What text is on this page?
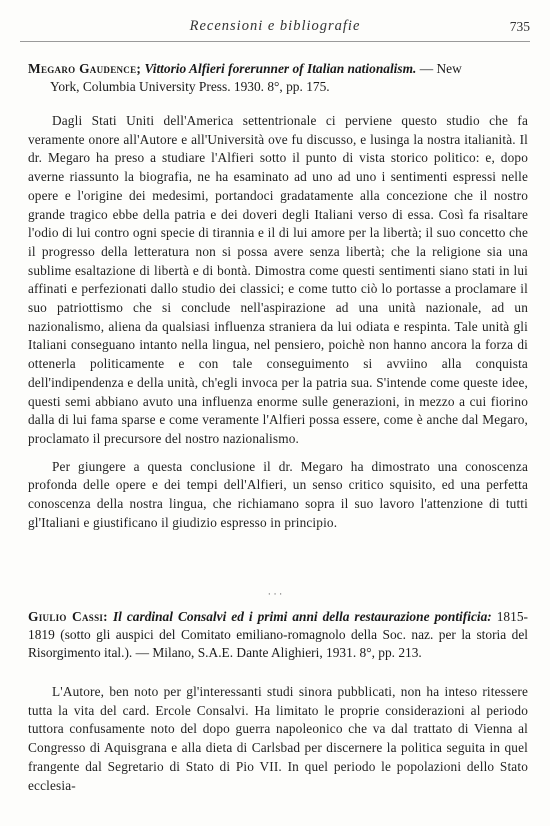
Recensioni e bibliografie	735
Megaro Gaudence; Vittorio Alfieri forerunner of Italian nationalism. — New
York, Columbia University Press. 1930. 8°, pp. 175.

Dagli Stati Uniti dell'America settentrionale ci perviene questo studio che fa veramente onore all'Autore e all'Università ove fu discusso, e lusinga la nostra italianità. Il dr. Megaro ha preso a studiare l'Alfieri sotto il punto di vista storico politico: e, dopo averne riassunto la biografia, ne ha esaminato ad uno ad uno i sentimenti espressi nelle opere e l'origine dei medesimi, portandoci gradatamente alla concezione che il nostro grande tragico ebbe della patria e dei doveri degli Italiani verso di essa. Così fa risaltare l'odio di lui contro ogni specie di tirannia e il di lui amore per la libertà; il suo concetto che il progresso della letteratura non si possa avere senza libertà; che la religione sia una sublime esaltazione di libertà e di bontà. Dimostra come questi sentimenti siano stati in lui affinati e perfezionati dallo studio dei classici; e come tutto ciò lo portasse a proclamare il suo patriottismo che si conclude nell'aspirazione ad una unità nazionale, ad un nazionalismo, aliena da qualsiasi influenza straniera da lui odiata e respinta. Tale unità gli Italiani conseguano intanto nella lingua, nel pensiero, poichè non hanno ancora la forza di ottenerla politicamente e con tale conseguimento si avviino alla conquista dell'indipendenza e della unità, ch'egli invoca per la patria sua. S'intende come queste idee, questi semi abbiano avuto una influenza enorme sulle generazioni, in mezzo a cui fiorino dalla di lui fama sparse e come veramente l'Alfieri possa essere, come è anche dal Megaro, proclamato il precursore del nostro nazionalismo.

Per giungere a questa conclusione il dr. Megaro ha dimostrato una conoscenza profonda delle opere e dei tempi dell'Alfieri, un senso critico squisito, ed una perfetta conoscenza della nostra lingua, che richiamano sopra il suo lavoro l'attenzione di tutti gl'Italiani e giustificano il giudizio espresso in principio.

· · ·
Giulio Cassi: Il cardinal Consalvi ed i primi anni della restaurazione pontificia: 1815-1819 (sotto gli auspici del Comitato emiliano-romagnolo della Soc. naz. per la storia del Risorgimento ital.). — Milano, S.A.E. Dante Alighieri, 1931. 8°, pp. 213.

L'Autore, ben noto per gl'interessanti studi sinora pubblicati, non ha inteso ritessere tutta la vita del card. Ercole Consalvi. Ha limitato le proprie considerazioni al periodo tuttora confusamente noto del dopo guerra napoleonico che va dal trattato di Vienna al Congresso di Aquisgrana e alla dieta di Carlsbad per discernere la politica seguita in quel frangente dal Segretario di Stato di Pio VII. In quel periodo le popolazioni dello Stato ecclesia-
